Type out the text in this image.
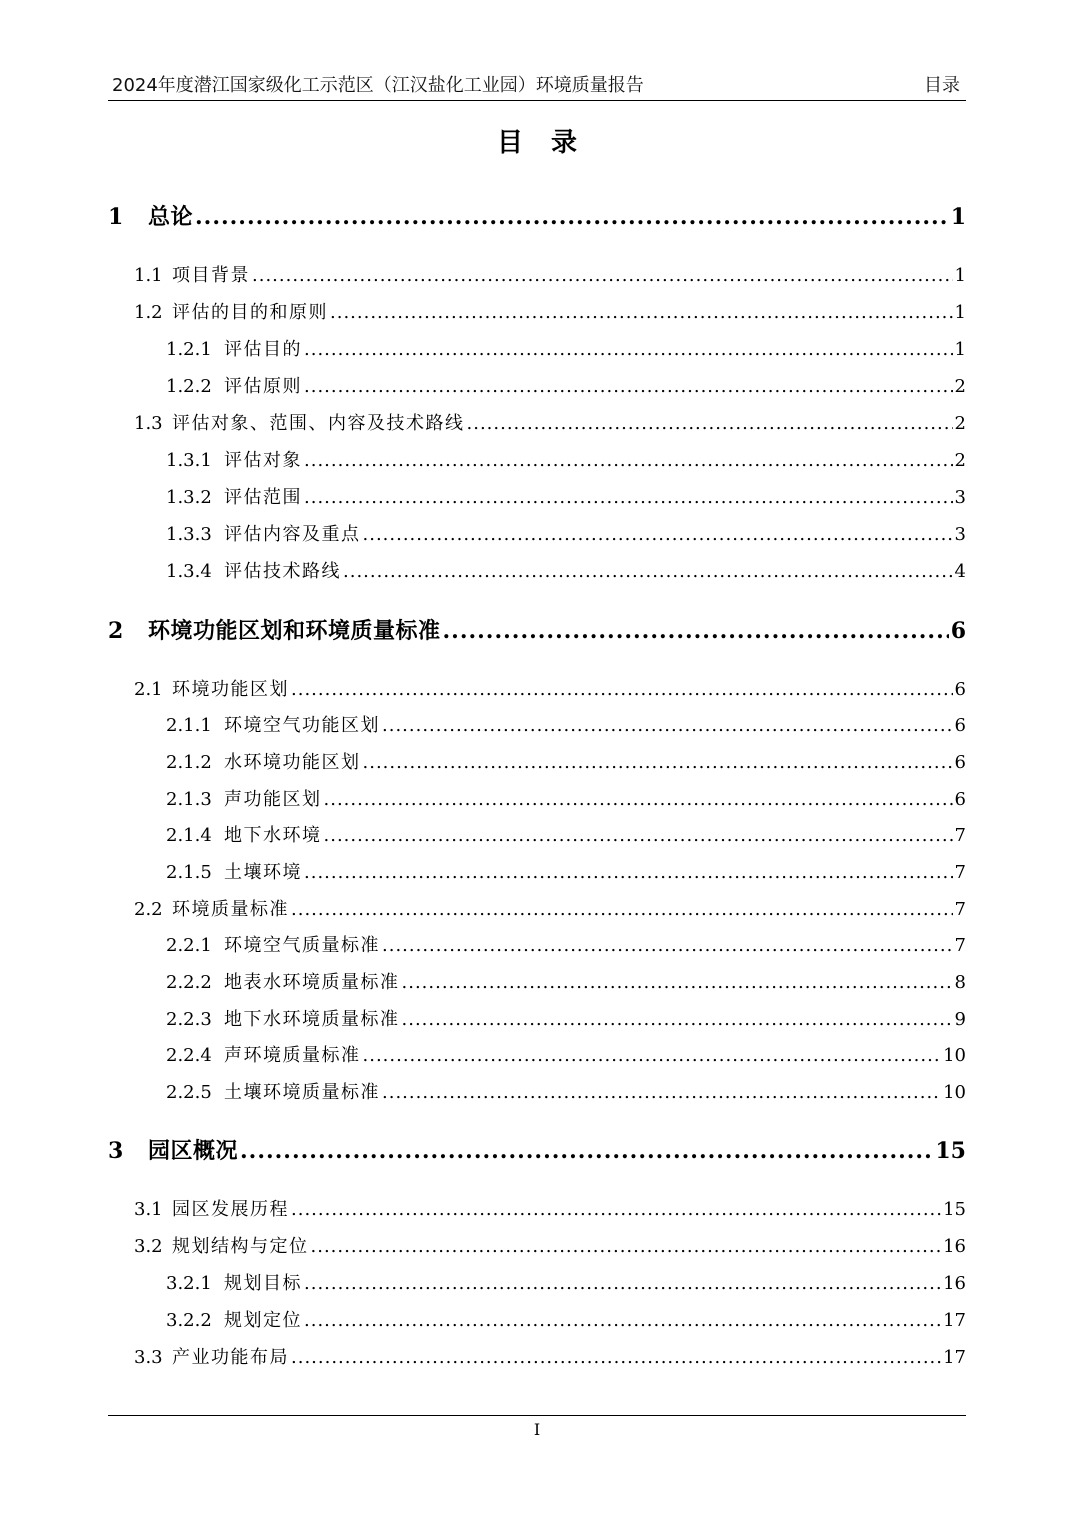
2024年度潜江国家级化工示范区（江汉盐化工业园）环境质量报告	目录
目录
1	总论 .....	1
1.1 项目背景 .....	1
1.2 评估的目的和原则 .....	1
1.2.1 评估目的 .....	1
1.2.2 评估原则 .....	2
1.3 评估对象、范围、内容及技术路线 .....	2
1.3.1 评估对象 .....	2
1.3.2 评估范围 .....	3
1.3.3 评估内容及重点 .....	3
1.3.4 评估技术路线 .....	4
2	环境功能区划和环境质量标准 .....	6
2.1 环境功能区划 .....	6
2.1.1 环境空气功能区划 .....	6
2.1.2 水环境功能区划 .....	6
2.1.3 声功能区划 .....	6
2.1.4 地下水环境 .....	7
2.1.5 土壤环境 .....	7
2.2 环境质量标准 .....	7
2.2.1 环境空气质量标准 .....	7
2.2.2 地表水环境质量标准 .....	8
2.2.3 地下水环境质量标准 .....	9
2.2.4 声环境质量标准 .....	10
2.2.5 土壤环境质量标准 .....	10
3	园区概况 .....	15
3.1 园区发展历程 .....	15
3.2 规划结构与定位 .....	16
3.2.1 规划目标 .....	16
3.2.2 规划定位 .....	17
3.3 产业功能布局 .....	17
I
